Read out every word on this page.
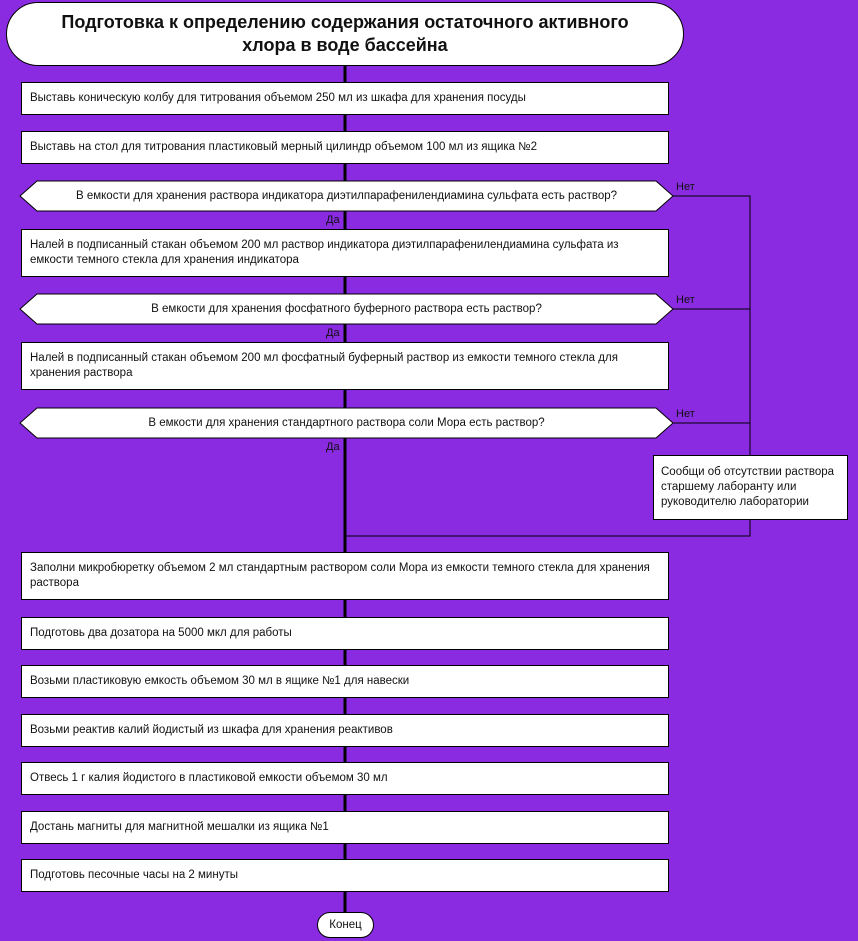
Подготовка к определению содержания остаточного активного хлора в воде бассейна
Выставь коническую колбу для титрования объемом 250 мл из шкафа для хранения посуды
Выставь на стол для титрования пластиковый мерный цилиндр объемом 100 мл из ящика №2
В емкости для хранения раствора индикатора диэтилпарафенилендиамина сульфата есть раствор?
Нет
Да
Налей в подписанный стакан объемом 200 мл раствор индикатора диэтилпарафенилендиамина сульфата из емкости темного стекла для хранения индикатора
В емкости для хранения фосфатного буферного раствора есть раствор?
Нет
Да
Налей в подписанный стакан объемом 200 мл фосфатный буферный раствор из емкости темного стекла для хранения раствора
В емкости для хранения стандартного раствора соли Мора есть раствор?
Нет
Да
Сообщи об отсутствии раствора старшему лаборанту или руководителю лаборатории
Заполни микробюретку объемом 2 мл стандартным раствором соли Мора из емкости темного стекла для хранения раствора
Подготовь два дозатора на 5000 мкл для работы
Возьми пластиковую емкость объемом 30 мл в ящике №1 для навески
Возьми реактив калий йодистый из шкафа для хранения реактивов
Отвесь 1 г калия йодистого в пластиковой емкости объемом 30 мл
Достань магниты для магнитной мешалки из ящика №1
Подготовь песочные часы на 2 минуты
Конец
